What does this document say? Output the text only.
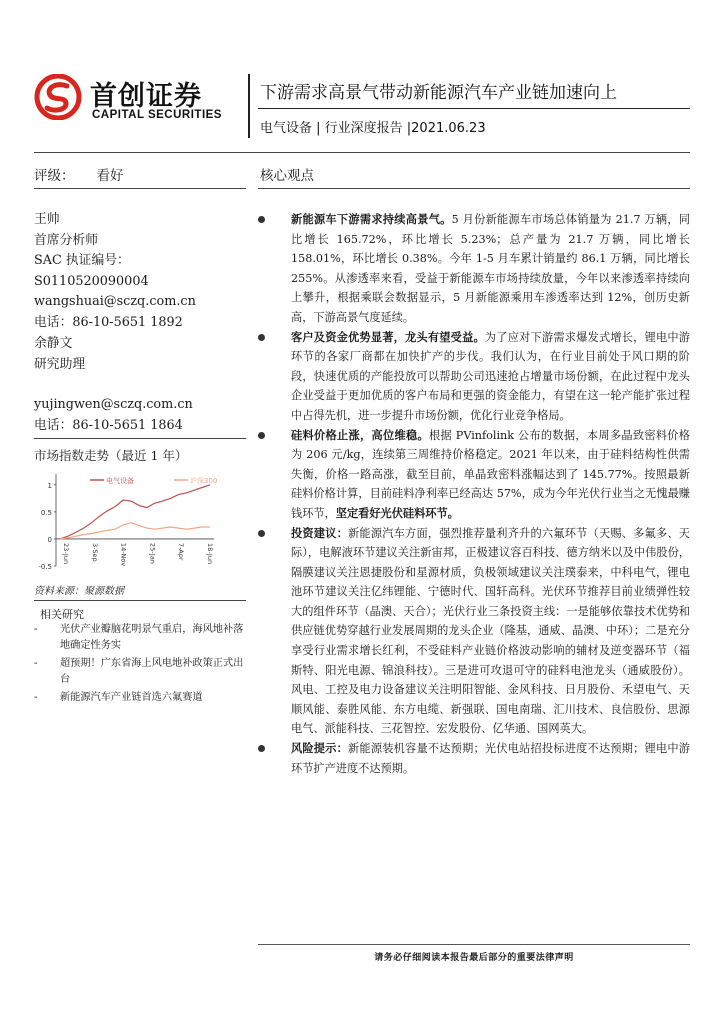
首创证券
CAPITAL SECURITIES
下游需求高景气带动新能源汽车产业链加速向上
电气设备 | 行业深度报告 |2021.06.23
评级： 看好	核心观点
王帅
首席分析师
SAC 执证编号：
S0110520090004
wangshuai@sczq.com.cn
电话：86-10-5651 1892
余静文
研究助理
yujingwen@sczq.com.cn
电话：86-10-5651 1864
市场指数走势（最近 1 年）
-0.5
0
0.5
1
23-Jun	3-Sep	14-Nov	25-Jan	7-Apr	18-Jun
电气设备	沪深300
资料来源：聚源数据
相关研究
- 光伏产业瓣脑花明景气重启，海风地补落地确定性务实
- 超预期！广东省海上风电地补政策正式出台
- 新能源汽车产业链首选六氟赛道
新能源车下游需求持续高景气。5 月份新能源车市场总体销量为 21.7 万辆，同比增长 165.72%，环比增长 5.23%；总产量为 21.7 万辆，同比增长 158.01%，环比增长 0.38%。今年 1-5 月车累计销量约 86.1 万辆，同比增长 255%。从渗透率来看，受益于新能源车市场持续放量，今年以来渗透率持续向上攀升，根据乘联会数据显示，5 月新能源乘用车渗透率达到 12%，创历史新高，下游高景气度延续。
客户及资金优势显著，龙头有望受益。为了应对下游需求爆发式增长，锂电中游环节的各家厂商都在加快扩产的步伐。我们认为，在行业目前处于风口期的阶段，快速优质的产能投放可以帮助公司迅速抢占增量市场份额，在此过程中龙头企业受益于更加优质的客户布局和更强的资金能力，有望在这一轮产能扩张过程中占得先机，进一步提升市场份额，优化行业竞争格局。
硅料价格止涨，高位维稳。根据 PVinfolink 公布的数据，本周多晶致密料价格为 206 元/kg，连续第三周维持价格稳定。2021 年以来，由于硅料结构性供需失衡，价格一路高涨，截至目前，单晶致密料涨幅达到了 145.77%。按照最新硅料价格计算，目前硅料净利率已经高达 57%，成为今年光伏行业当之无愧最赚钱环节，坚定看好光伏硅料环节。
投资建议：新能源汽车方面，强烈推荐量利齐升的六氟环节（天赐、多氟多、天际），电解液环节建议关注新宙邦，正极建议容百科技、德方纳米以及中伟股份，隔膜建议关注恩捷股份和星源材质，负极领域建议关注璞泰来，中科电气，锂电池环节建议关注亿纬锂能、宁德时代、国轩高科。光伏环节推荐目前业绩弹性较大的组件环节（晶澳、天合）；光伏行业三条投资主线：一是能够依靠技术优势和供应链优势穿越行业发展周期的龙头企业（隆基，通威、晶澳、中环）；二是充分享受行业需求增长红利，不受硅料产业链价格波动影响的辅材及逆变器环节（福斯特、阳光电源、锦浪科技）。三是进可攻退可守的硅料电池龙头（通威股份）。风电、工控及电力设备建议关注明阳智能、金风科技、日月股份、禾望电气、天顺风能、泰胜风能、东方电缆、新强联、国电南瑞、汇川技术、良信股份、思源电气、派能科技、三花智控、宏发股份、亿华通、国网英大。
风险提示：新能源装机容量不达预期；光伏电站招投标进度不达预期；锂电中游环节扩产进度不达预期。
请务必仔细阅读本报告最后部分的重要法律声明
